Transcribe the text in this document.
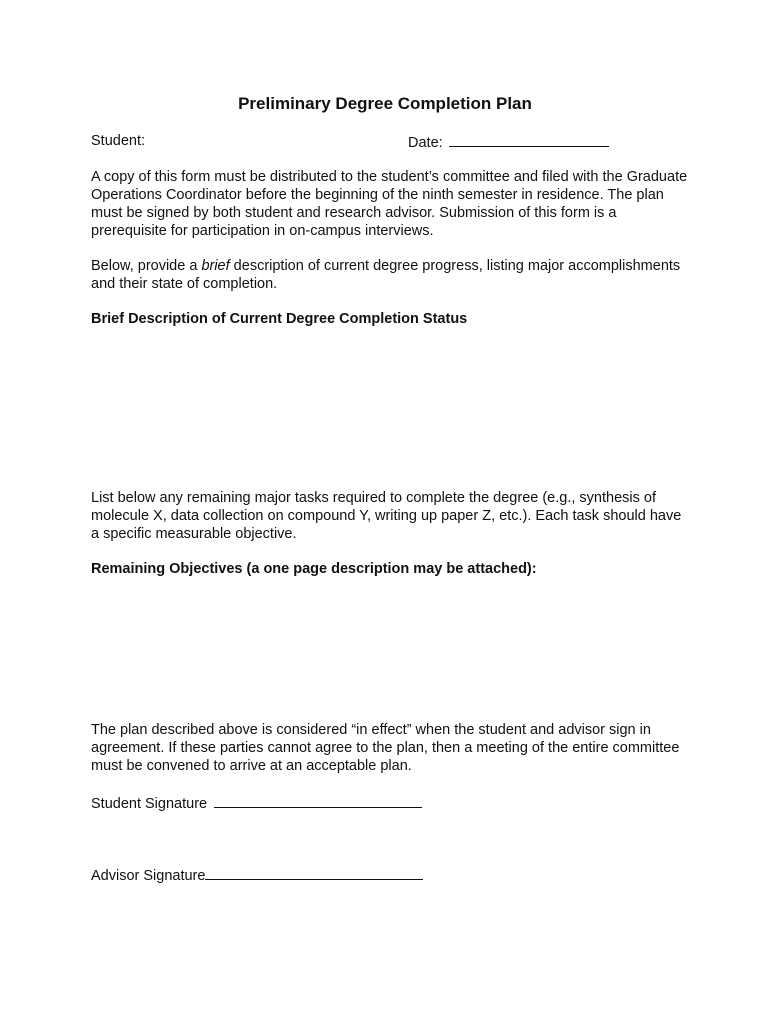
Preliminary Degree Completion Plan
Student:	Date:
A copy of this form must be distributed to the student’s committee and filed with the Graduate Operations Coordinator before the beginning of the ninth semester in residence. The plan must be signed by both student and research advisor. Submission of this form is a prerequisite for participation in on-campus interviews.
Below, provide a brief description of current degree progress, listing major accomplishments and their state of completion.
Brief Description of Current Degree Completion Status
List below any remaining major tasks required to complete the degree (e.g., synthesis of molecule X, data collection on compound Y, writing up paper Z, etc.). Each task should have a specific measurable objective.
Remaining Objectives (a one page description may be attached):
The plan described above is considered “in effect” when the student and advisor sign in agreement. If these parties cannot agree to the plan, then a meeting of the entire committee must be convened to arrive at an acceptable plan.
Student Signature
Advisor Signature
